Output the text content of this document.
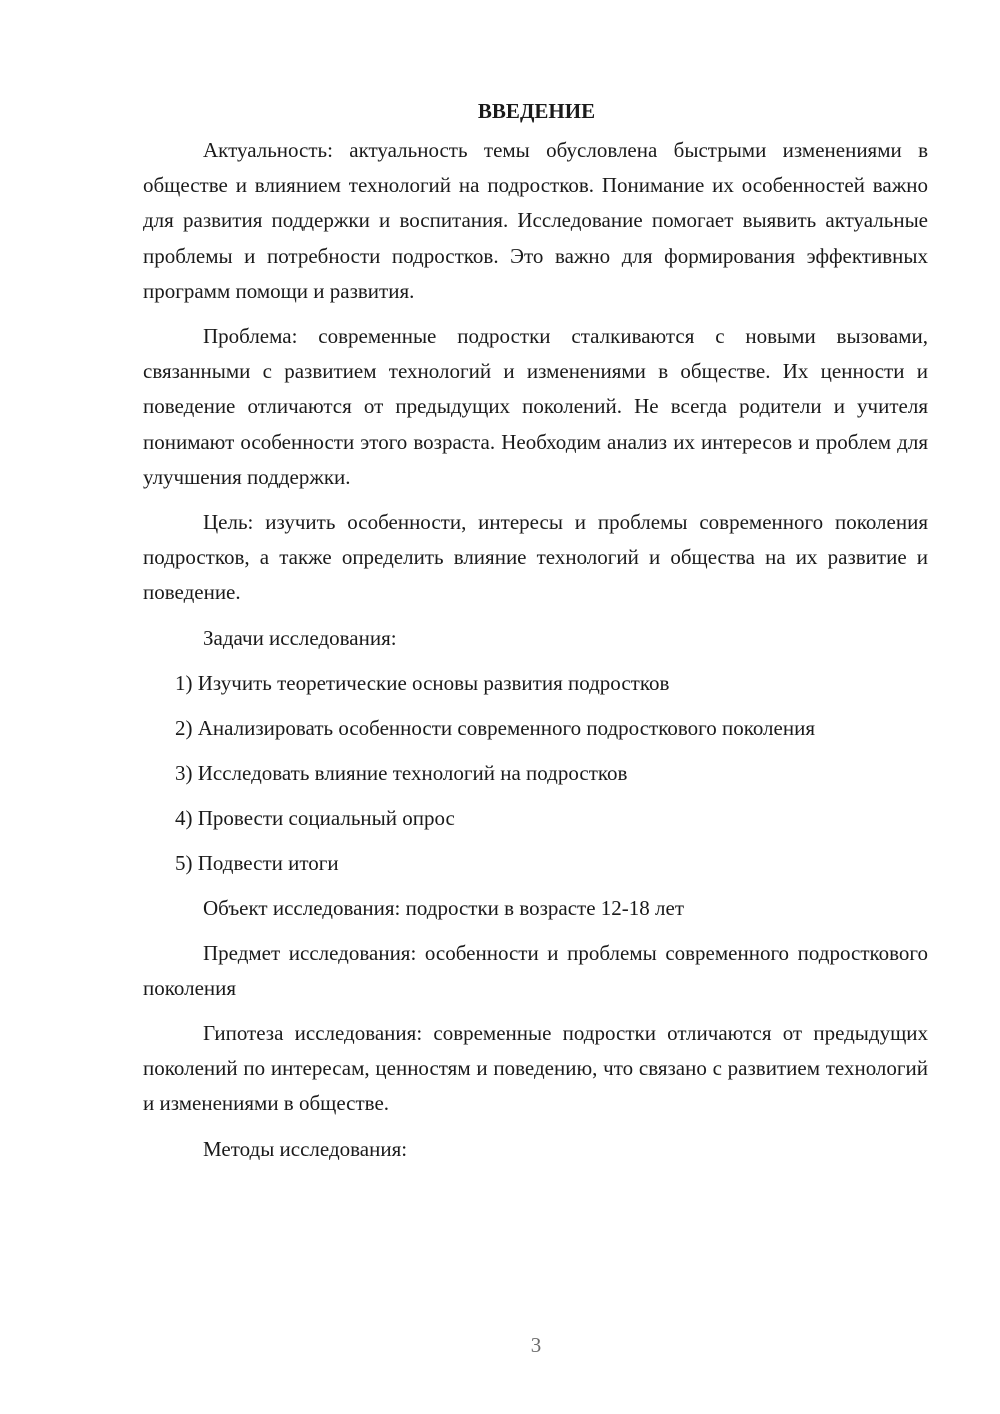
ВВЕДЕНИЕ

Актуальность: актуальность темы обусловлена быстрыми изменениями в обществе и влиянием технологий на подростков. Понимание их особенностей важно для развития поддержки и воспитания. Исследование помогает выявить актуальные проблемы и потребности подростков. Это важно для формирования эффективных программ помощи и развития.

Проблема: современные подростки сталкиваются с новыми вызовами, связанными с развитием технологий и изменениями в обществе. Их ценности и поведение отличаются от предыдущих поколений. Не всегда родители и учителя понимают особенности этого возраста. Необходим анализ их интересов и проблем для улучшения поддержки.

Цель: изучить особенности, интересы и проблемы современного поколения подростков, а также определить влияние технологий и общества на их развитие и поведение.

Задачи исследования:

1) Изучить теоретические основы развития подростков

2) Анализировать особенности современного подросткового поколения

3) Исследовать влияние технологий на подростков

4) Провести социальный опрос

5) Подвести итоги

Объект исследования: подростки в возрасте 12-18 лет

Предмет исследования: особенности и проблемы современного подросткового поколения

Гипотеза исследования: современные подростки отличаются от предыдущих поколений по интересам, ценностям и поведению, что связано с развитием технологий и изменениями в обществе.

Методы исследования:

3
